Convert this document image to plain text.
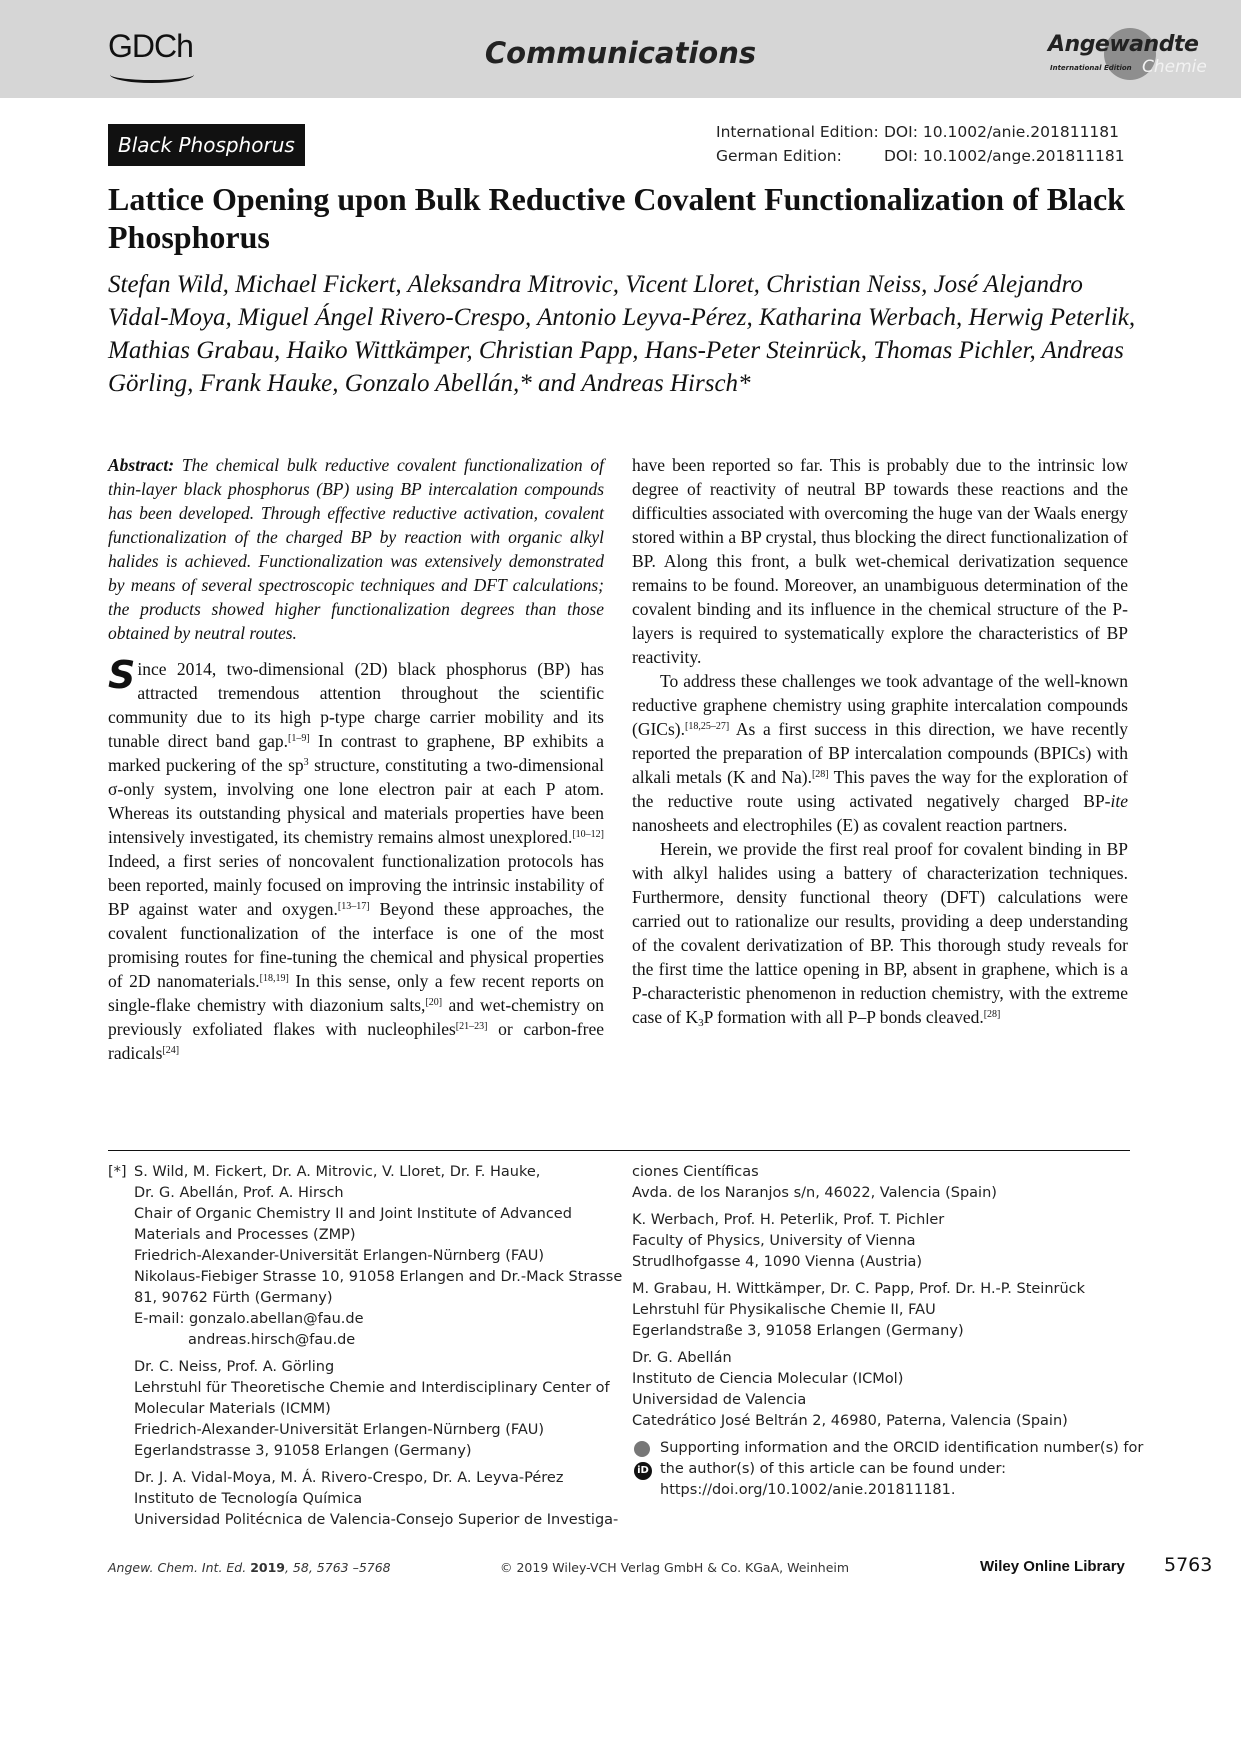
GDCh	Communications	Angewandte
International Edition Chemie
Black Phosphorus
International Edition: DOI: 10.1002/anie.201811181
German Edition:	DOI: 10.1002/ange.201811181
Lattice Opening upon Bulk Reductive Covalent Functionalization of Black Phosphorus
Stefan Wild, Michael Fickert, Aleksandra Mitrovic, Vicent Lloret, Christian Neiss, José Alejandro Vidal-Moya, Miguel Ángel Rivero-Crespo, Antonio Leyva-Pérez, Katharina Werbach, Herwig Peterlik, Mathias Grabau, Haiko Wittkämper, Christian Papp, Hans-Peter Steinrück, Thomas Pichler, Andreas Görling, Frank Hauke, Gonzalo Abellán,* and Andreas Hirsch*

Abstract: The chemical bulk reductive covalent functionalization of thin-layer black phosphorus (BP) using BP intercalation compounds has been developed. Through effective reductive activation, covalent functionalization of the charged BP by reaction with organic alkyl halides is achieved. Functionalization was extensively demonstrated by means of several spectroscopic techniques and DFT calculations; the products showed higher functionalization degrees than those obtained by neutral routes.

Since 2014, two-dimensional (2D) black phosphorus (BP) has attracted tremendous attention throughout the scientific community due to its high p-type charge carrier mobility and its tunable direct band gap.[1–9] In contrast to graphene, BP exhibits a marked puckering of the $sp^3$ structure, constituting a two-dimensional σ-only system, involving one lone electron pair at each P atom. Whereas its outstanding physical and materials properties have been intensively investigated, its chemistry remains almost unexplored.[10–12] Indeed, a first series of noncovalent functionalization protocols has been reported, mainly focused on improving the intrinsic instability of BP against water and oxygen.[13–17] Beyond these approaches, the covalent functionalization of the interface is one of the most promising routes for fine-tuning the chemical and physical properties of 2D nanomaterials.[18,19] In this sense, only a few recent reports on single-flake chemistry with diazonium salts,[20] and wet-chemistry on previously exfoliated flakes with nucleophiles[21–23] or carbon-free radicals[24]

have been reported so far. This is probably due to the intrinsic low degree of reactivity of neutral BP towards these reactions and the difficulties associated with overcoming the huge van der Waals energy stored within a BP crystal, thus blocking the direct functionalization of BP. Along this front, a bulk wet-chemical derivatization sequence remains to be found. Moreover, an unambiguous determination of the covalent binding and its influence in the chemical structure of the P-layers is required to systematically explore the characteristics of BP reactivity.

To address these challenges we took advantage of the well-known reductive graphene chemistry using graphite intercalation compounds (GICs).[18,25–27] As a first success in this direction, we have recently reported the preparation of BP intercalation compounds (BPICs) with alkali metals (K and Na).[28] This paves the way for the exploration of the reductive route using activated negatively charged BP-ite nanosheets and electrophiles (E) as covalent reaction partners.

Herein, we provide the first real proof for covalent binding in BP with alkyl halides using a battery of characterization techniques. Furthermore, density functional theory (DFT) calculations were carried out to rationalize our results, providing a deep understanding of the covalent derivatization of BP. This thorough study reveals for the first time the lattice opening in BP, absent in graphene, which is a P-characteristic phenomenon in reduction chemistry, with the extreme case of $K_3P$ formation with all P–P bonds cleaved.[28]

[*] S. Wild, M. Fickert, Dr. A. Mitrovic, V. Lloret, Dr. F. Hauke,
Dr. G. Abellán, Prof. A. Hirsch
Chair of Organic Chemistry II and Joint Institute of Advanced
Materials and Processes (ZMP)
Friedrich-Alexander-Universität Erlangen-Nürnberg (FAU)
Nikolaus-Fiebiger Strasse 10, 91058 Erlangen and Dr.-Mack Strasse
81, 90762 Fürth (Germany)
E-mail: gonzalo.abellan@fau.de
andreas.hirsch@fau.de
Dr. C. Neiss, Prof. A. Görling
Lehrstuhl für Theoretische Chemie and Interdisciplinary Center of
Molecular Materials (ICMM)
Friedrich-Alexander-Universität Erlangen-Nürnberg (FAU)
Egerlandstrasse 3, 91058 Erlangen (Germany)
Dr. J. A. Vidal-Moya, M. Á. Rivero-Crespo, Dr. A. Leyva-Pérez
Instituto de Tecnología Química
Universidad Politécnica de Valencia-Consejo Superior de Investiga-
ciones Científicas
Avda. de los Naranjos s/n, 46022, Valencia (Spain)
K. Werbach, Prof. H. Peterlik, Prof. T. Pichler
Faculty of Physics, University of Vienna
Strudlhofgasse 4, 1090 Vienna (Austria)
M. Grabau, H. Wittkämper, Dr. C. Papp, Prof. Dr. H.-P. Steinrück
Lehrstuhl für Physikalische Chemie II, FAU
Egerlandstraße 3, 91058 Erlangen (Germany)
Dr. G. Abellán
Instituto de Ciencia Molecular (ICMol)
Universidad de Valencia
Catedrático José Beltrán 2, 46980, Paterna, Valencia (Spain)
iD
Supporting information and the ORCID identification number(s) for
the author(s) of this article can be found under:
https://doi.org/10.1002/anie.201811181.
Angew. Chem. Int. Ed. 2019, 58, 5763 –5768	© 2019 Wiley-VCH Verlag GmbH & Co. KGaA, Weinheim	Wiley Online Library 5763
